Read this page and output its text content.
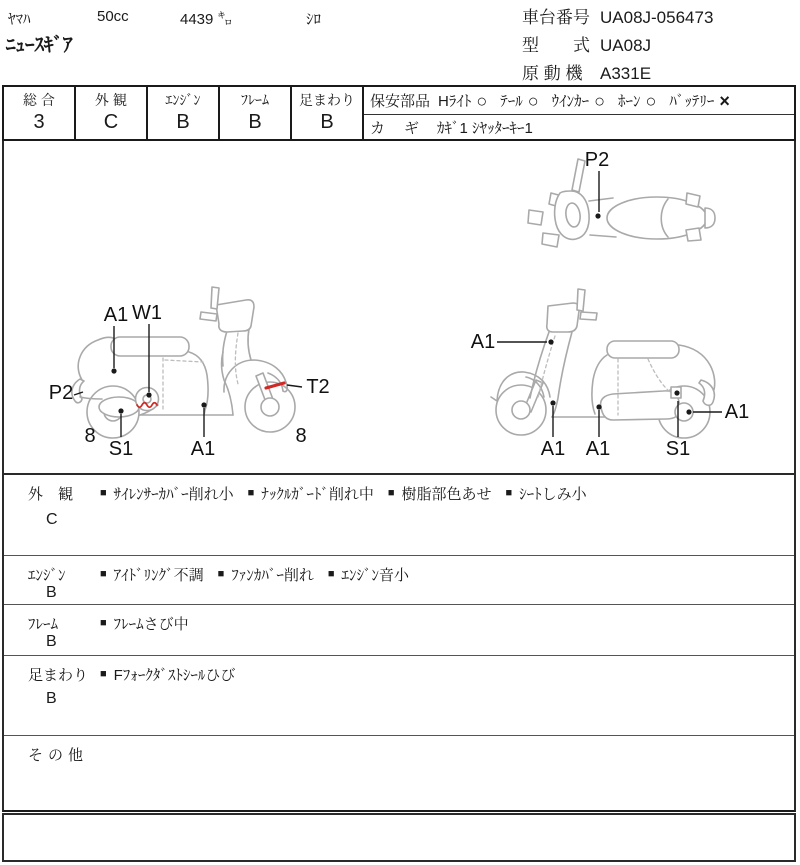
ﾔﾏﾊ	50cc	4439 ㌔	ｼﾛ
ﾆｭｰｽｷﾞｱ
車台番号 UA08J-056473
型　　式 UA08J
原 動 機 A331E
総 合
3
外 観
C
ｴﾝｼﾞﾝ
B
ﾌﾚｰﾑ
B
足まわり
B
保安部品 Hﾗｲﾄ ○ ﾃｰﾙ ○ ｳｲﾝｶｰ ○ ﾎｰﾝ ○ ﾊﾞｯﾃﾘｰ ×
カ　ギ ｶｷﾞ1 ｼﾔｯﾀｰｷｰ1
P2
A1 W1
P2	T2
8
S1	A1
8
A1
A1 A1	S1
A1
外　観
C
■ ｻｲﾚﾝｻｰｶﾊﾞｰ削れ小 ■ ﾅｯｸﾙｶﾞｰﾄﾞ削れ中 ■ 樹脂部色あせ ■ ｼｰﾄしみ小
ｴﾝｼﾞﾝ
B
■ ｱｲﾄﾞﾘﾝｸﾞ不調 ■ ﾌｧﾝｶﾊﾞｰ削れ ■ ｴﾝｼﾞﾝ音小
ﾌﾚｰﾑ
B
■ ﾌﾚｰﾑさび中
足まわり
B
■ Fﾌｫｰｸﾀﾞｽﾄｼｰﾙひび
その他
